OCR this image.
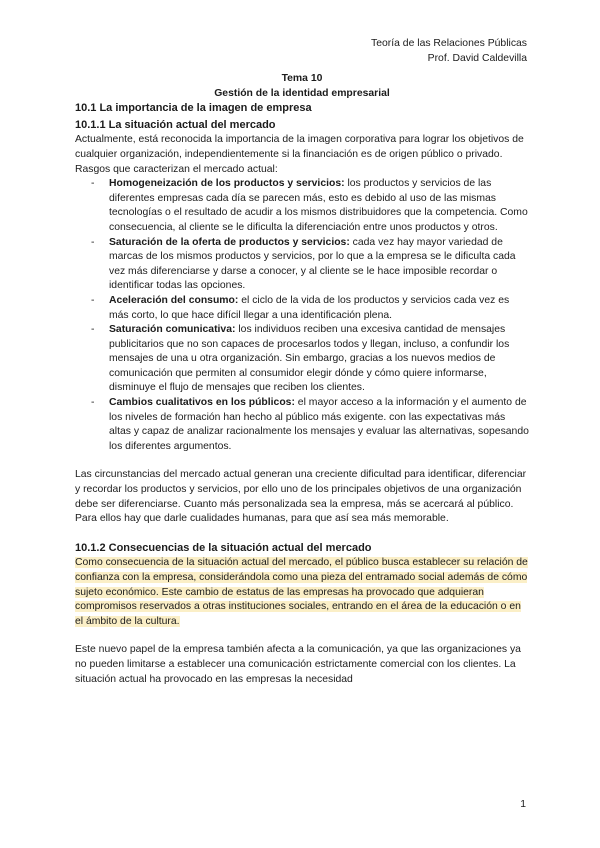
Teoría de las Relaciones Públicas
Prof. David Caldevilla
Tema 10
Gestión de la identidad empresarial
10.1 La importancia de la imagen de empresa
10.1.1 La situación actual del mercado

Actualmente, está reconocida la importancia de la imagen corporativa para lograr los objetivos de cualquier organización, independientemente si la financiación es de origen público o privado.

Rasgos que caracterizan el mercado actual:

- Homogeneización de los productos y servicios: los productos y servicios de las diferentes empresas cada día se parecen más, esto es debido al uso de las mismas tecnologías o el resultado de acudir a los mismos distribuidores que la competencia. Como consecuencia, al cliente se le dificulta la diferenciación entre unos productos y otros.
- Saturación de la oferta de productos y servicios: cada vez hay mayor variedad de marcas de los mismos productos y servicios, por lo que a la empresa se le dificulta cada vez más diferenciarse y darse a conocer, y al cliente se le hace imposible recordar o identificar todas las opciones.
- Aceleración del consumo: el ciclo de la vida de los productos y servicios cada vez es más corto, lo que hace difícil llegar a una identificación plena.
- Saturación comunicativa: los individuos reciben una excesiva cantidad de mensajes publicitarios que no son capaces de procesarlos todos y llegan, incluso, a confundir los mensajes de una u otra organización. Sin embargo, gracias a los nuevos medios de comunicación que permiten al consumidor elegir dónde y cómo quiere informarse, disminuye el flujo de mensajes que reciben los clientes.
- Cambios cualitativos en los públicos: el mayor acceso a la información y el aumento de los niveles de formación han hecho al público más exigente. con las expectativas más altas y capaz de analizar racionalmente los mensajes y evaluar las alternativas, sopesando los diferentes argumentos.

Las circunstancias del mercado actual generan una creciente dificultad para identificar, diferenciar y recordar los productos y servicios, por ello uno de los principales objetivos de una organización debe ser diferenciarse. Cuanto más personalizada sea la empresa, más se acercará al público. Para ellos hay que darle cualidades humanas, para que así sea más memorable.

10.1.2 Consecuencias de la situación actual del mercado

Como consecuencia de la situación actual del mercado, el público busca establecer su relación de confianza con la empresa, considerándola como una pieza del entramado social además de cómo sujeto económico. Este cambio de estatus de las empresas ha provocado que adquieran compromisos reservados a otras instituciones sociales, entrando en el área de la educación o en el ámbito de la cultura.

Este nuevo papel de la empresa también afecta a la comunicación, ya que las organizaciones ya no pueden limitarse a establecer una comunicación estrictamente comercial con los clientes. La situación actual ha provocado en las empresas la necesidad

1
